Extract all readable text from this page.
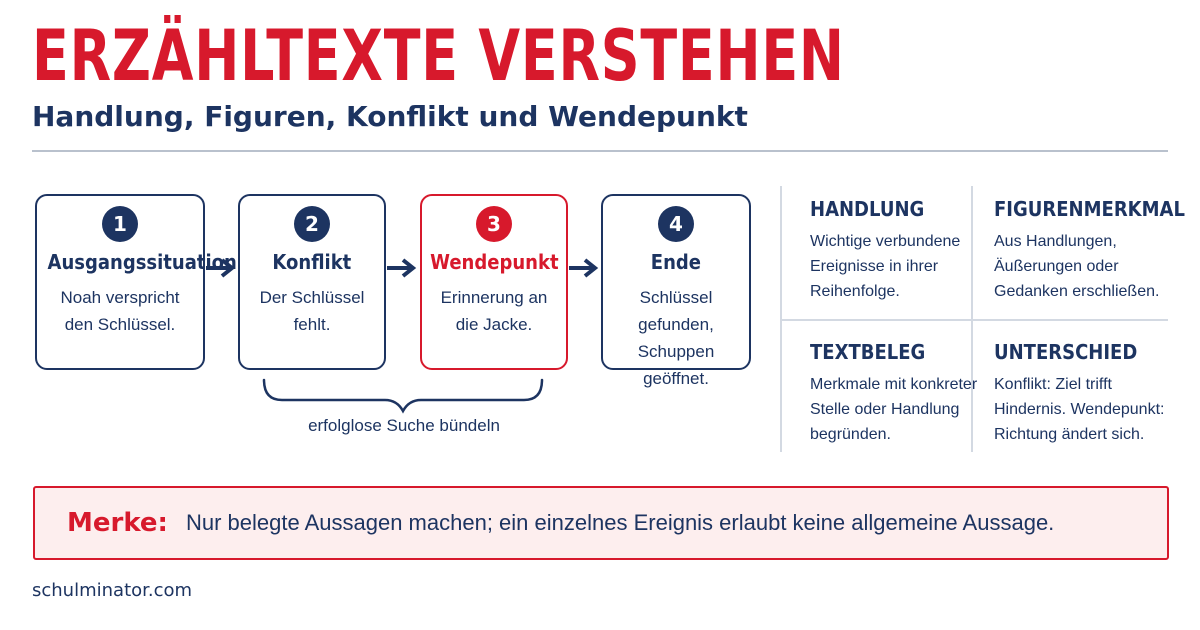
ERZÄHLTEXTE VERSTEHEN
Handlung, Figuren, Konflikt und Wendepunkt
1
Ausgangssituation
Noah verspricht den Schlüssel.
2
Konflikt
Der Schlüssel fehlt.
3
Wendepunkt
Erinnerung an die Jacke.
4
Ende
Schlüssel gefunden, Schuppen geöffnet.
erfolglose Suche bündeln
HANDLUNG
Wichtige verbundene Ereignisse in ihrer Reihenfolge.
FIGURENMERKMAL
Aus Handlungen, Äußerungen oder Gedanken erschließen.
TEXTBELEG
Merkmale mit konkreter Stelle oder Handlung begründen.
UNTERSCHIED
Konflikt: Ziel trifft Hindernis. Wendepunkt: Richtung ändert sich.
Merke: Nur belegte Aussagen machen; ein einzelnes Ereignis erlaubt keine allgemeine Aussage.
schulminator.com
